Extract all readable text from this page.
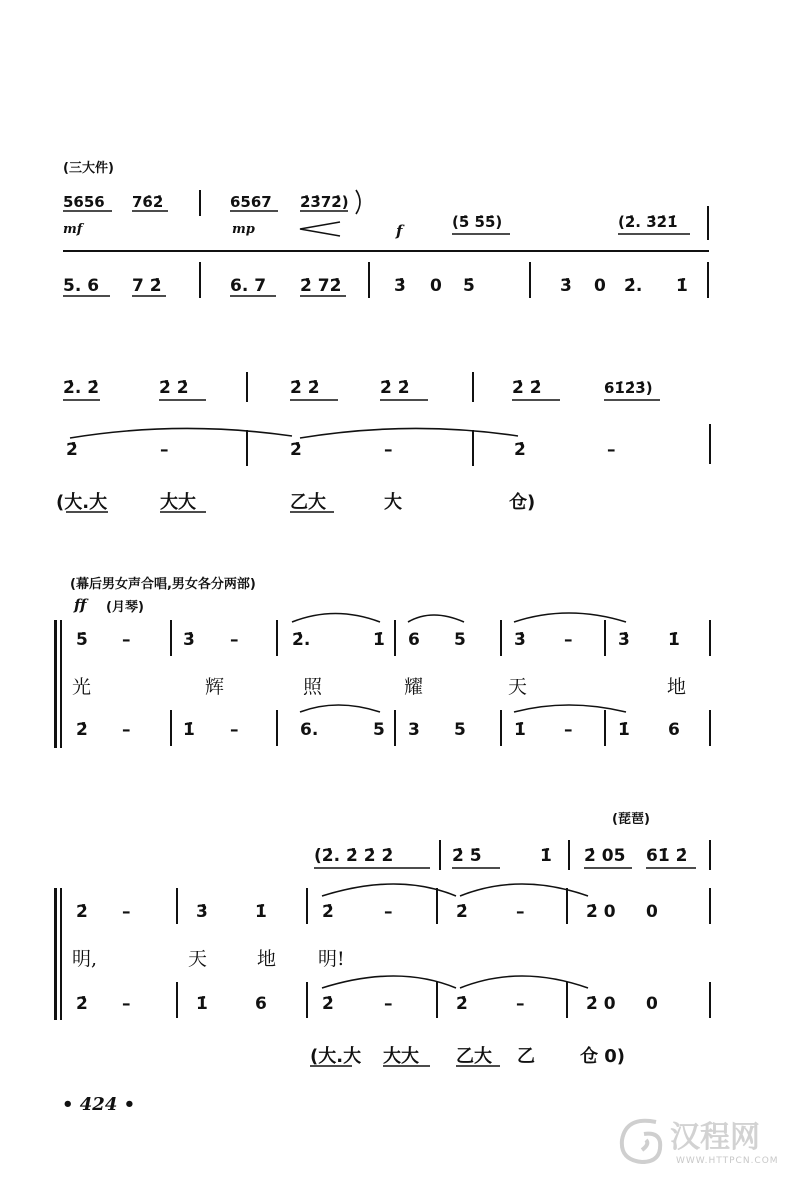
(三大件)
5656 76̇2̇	6567 2̇3̇72̇)
(5̇ 5̇5̇)	(2̇. 3̇2̇1̇
mf	mp	f
5. 6 7 2̇	6. 7 2̇ 72̇	3̇ 0 5̇	3̇ 0 2̇. 1̇
2̇. 2̇	2̇ 2̇	2̇ 2̇	2̇ 2̇	2̇ 2̇	61̇2̇3̇)
2̇	–	2̇	–	2̇	–
(大.大	大大	乙大	大	仓)
(幕后男女声合唱,男女各分两部)
ff (月琴)
5̇ –	3̇ –	2̇.	1̇ 6 5	3̇ –	3̇ 1̇
光	辉	照	耀	天	地
2̇ –	1̇ –	6.	5 3 5	1̇ –	1̇ 6
(琵琶)
(2̇. 2̇ 2̇ 2̇	2̇ 5̇	1̇ 2̇ 05 61̇ 2̇
2̇ –	3̇	1̇	2̇	–	2̇	–	2̇ 0 0
明,	天	地 明!
2̇ –	1̇	6	2̇	–	2̇	–	2̇ 0 0
(大.大 大大 乙大 乙	仓 0)
• 424 •
汉程网
WWW.HTTPCN.COM
